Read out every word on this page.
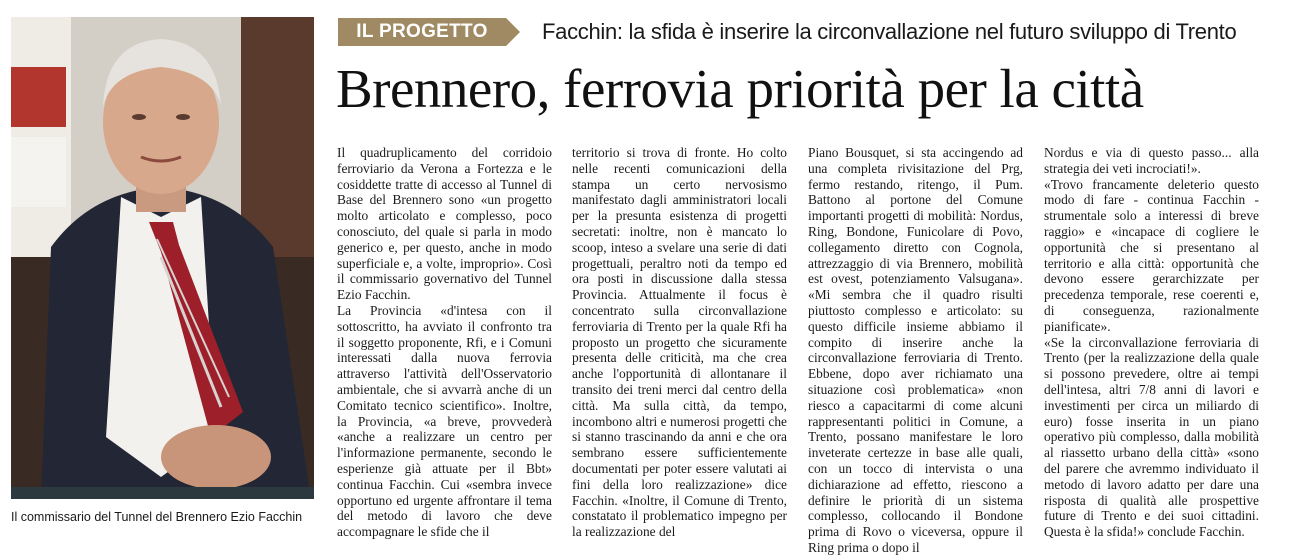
Il commissario del Tunnel del Brennero Ezio Facchin
IL PROGETTO	Facchin: la sfida è inserire la circonvallazione nel futuro sviluppo di Trento
Brennero, ferrovia priorità per la città

Il quadruplicamento del corridoio ferroviario da Verona a Fortezza e le cosiddette tratte di accesso al Tunnel di Base del Brennero sono «un progetto molto articolato e complesso, poco conosciuto, del quale si parla in modo generico e, per questo, anche in modo superficiale e, a volte, improprio». Così il commissario governativo del Tunnel Ezio Facchin.

La Provincia «d'intesa con il sottoscritto, ha avviato il confronto tra il soggetto proponente, Rfi, e i Comuni interessati dalla nuova ferrovia attraverso l'attività dell'Osservatorio ambientale, che si avvarrà anche di un Comitato tecnico scientifico». Inoltre, la Provincia, «a breve, provvederà «anche a realizzare un centro per l'informazione permanente, secondo le esperienze già attuate per il Bbt» continua Facchin. Cui «sembra invece opportuno ed urgente affrontare il tema del metodo di lavoro che deve accompagnare le sfide che il

territorio si trova di fronte. Ho colto nelle recenti comunicazioni della stampa un certo nervosismo manifestato dagli amministratori locali per la presunta esistenza di progetti secretati: inoltre, non è mancato lo scoop, inteso a svelare una serie di dati progettuali, peraltro noti da tempo ed ora posti in discussione dalla stessa Provincia. Attualmente il focus è concentrato sulla circonvallazione ferroviaria di Trento per la quale Rfi ha proposto un progetto che sicuramente presenta delle criticità, ma che crea anche l'opportunità di allontanare il transito dei treni merci dal centro della città. Ma sulla città, da tempo, incombono altri e numerosi progetti che si stanno trascinando da anni e che ora sembrano essere sufficientemente documentati per poter essere valutati ai fini della loro realizzazione» dice Facchin. «Inoltre, il Comune di Trento, constatato il problematico impegno per la realizzazione del

Piano Bousquet, si sta accingendo ad una completa rivisitazione del Prg, fermo restando, ritengo, il Pum. Battono al portone del Comune importanti progetti di mobilità: Nordus, Ring, Bondone, Funicolare di Povo, collegamento diretto con Cognola, attrezzaggio di via Brennero, mobilità est ovest, potenziamento Valsugana». «Mi sembra che il quadro risulti piuttosto complesso e articolato: su questo difficile insieme abbiamo il compito di inserire anche la circonvallazione ferroviaria di Trento. Ebbene, dopo aver richiamato una situazione così problematica» «non riesco a capacitarmi di come alcuni rappresentanti politici in Comune, a Trento, possano manifestare le loro inveterate certezze in base alle quali, con un tocco di intervista o una dichiarazione ad effetto, riescono a definire le priorità di un sistema complesso, collocando il Bondone prima di Rovo o viceversa, oppure il Ring prima o dopo il

Nordus e via di questo passo... alla strategia dei veti incrociati!».

«Trovo francamente deleterio questo modo di fare - continua Facchin - strumentale solo a interessi di breve raggio» e «incapace di cogliere le opportunità che si presentano al territorio e alla città: opportunità che devono essere gerarchizzate per precedenza temporale, rese coerenti e, di conseguenza, razionalmente pianificate».

«Se la circonvallazione ferroviaria di Trento (per la realizzazione della quale si possono prevedere, oltre ai tempi dell'intesa, altri 7/8 anni di lavori e investimenti per circa un miliardo di euro) fosse inserita in un piano operativo più complesso, dalla mobilità al riassetto urbano della città» «sono del parere che avremmo individuato il metodo di lavoro adatto per dare una risposta di qualità alle prospettive future di Trento e dei suoi cittadini. Questa è la sfida!» conclude Facchin.
